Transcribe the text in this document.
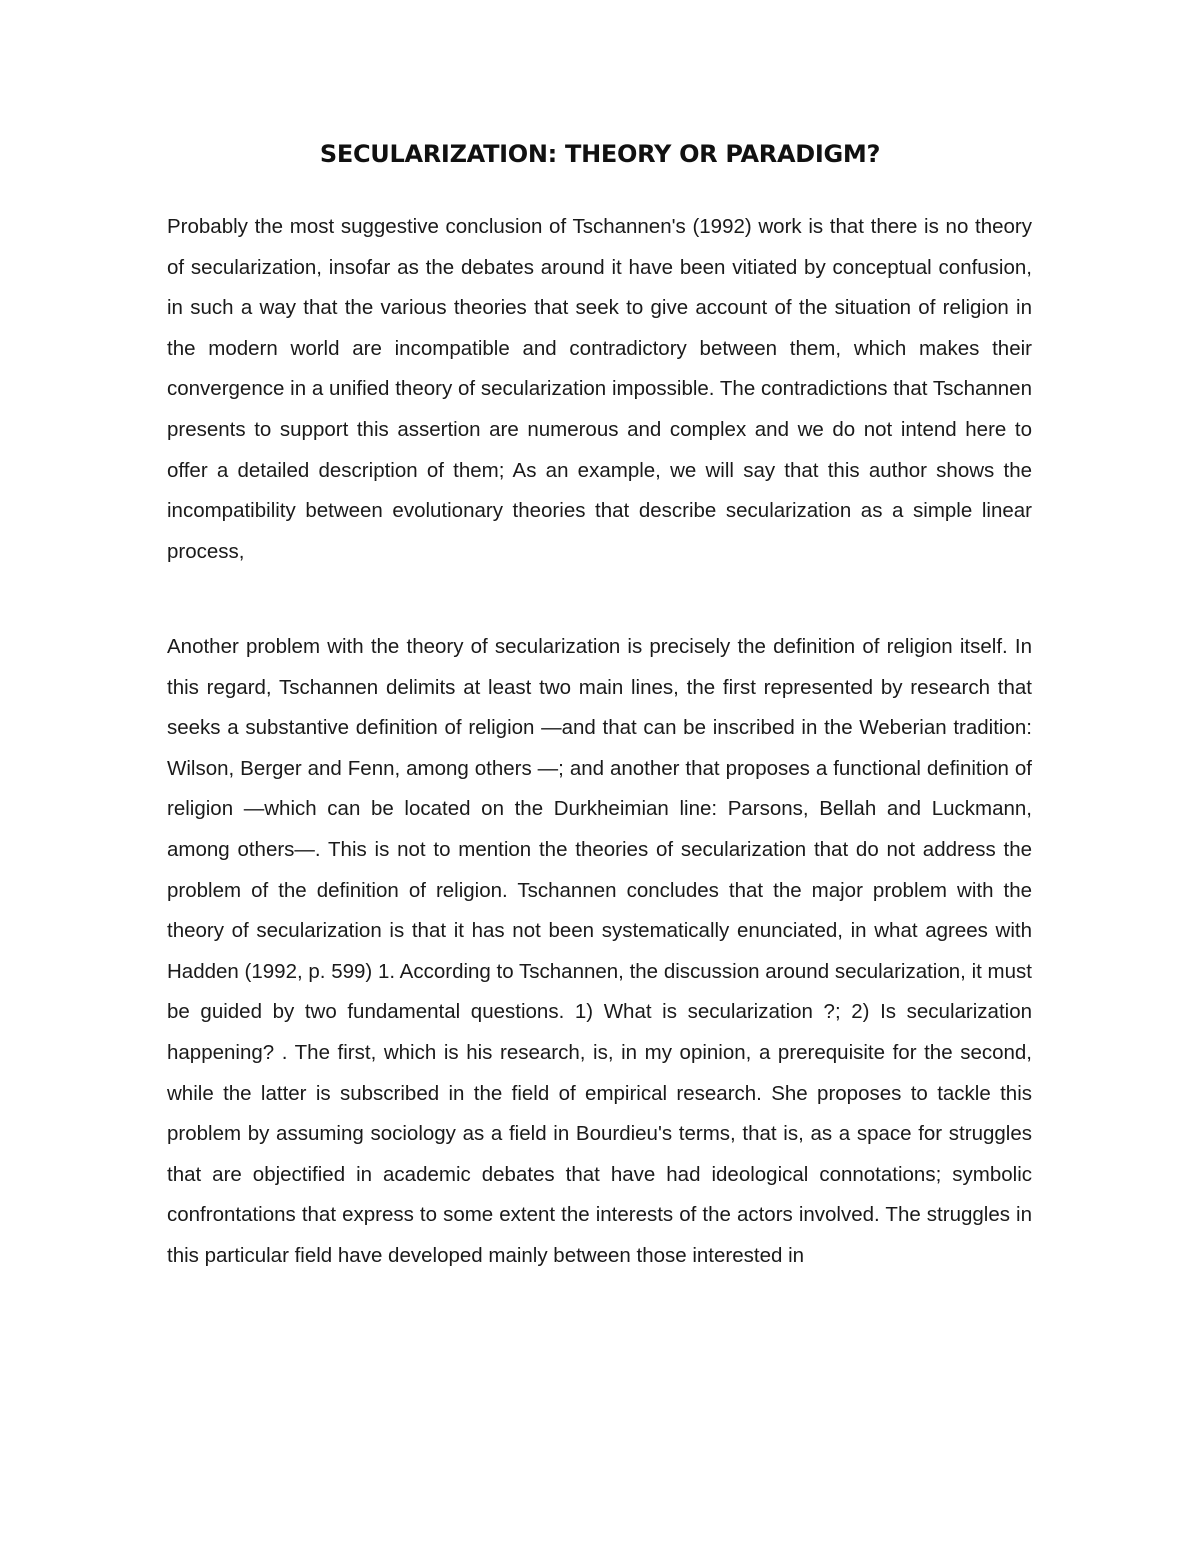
SECULARIZATION: THEORY OR PARADIGM?

Probably the most suggestive conclusion of Tschannen's (1992) work is that there is no theory of secularization, insofar as the debates around it have been vitiated by conceptual confusion, in such a way that the various theories that seek to give account of the situation of religion in the modern world are incompatible and contradictory between them, which makes their convergence in a unified theory of secularization impossible. The contradictions that Tschannen presents to support this assertion are numerous and complex and we do not intend here to offer a detailed description of them; As an example, we will say that this author shows the incompatibility between evolutionary theories that describe secularization as a simple linear process,

Another problem with the theory of secularization is precisely the definition of religion itself. In this regard, Tschannen delimits at least two main lines, the first represented by research that seeks a substantive definition of religion —and that can be inscribed in the Weberian tradition: Wilson, Berger and Fenn, among others —; and another that proposes a functional definition of religion —which can be located on the Durkheimian line: Parsons, Bellah and Luckmann, among others—. This is not to mention the theories of secularization that do not address the problem of the definition of religion. Tschannen concludes that the major problem with the theory of secularization is that it has not been systematically enunciated, in what agrees with Hadden (1992, p. 599) 1. According to Tschannen, the discussion around secularization, it must be guided by two fundamental questions. 1) What is secularization ?; 2) Is secularization happening? . The first, which is his research, is, in my opinion, a prerequisite for the second, while the latter is subscribed in the field of empirical research. She proposes to tackle this problem by assuming sociology as a field in Bourdieu's terms, that is, as a space for struggles that are objectified in academic debates that have had ideological connotations; symbolic confrontations that express to some extent the interests of the actors involved. The struggles in this particular field have developed mainly between those interested in
